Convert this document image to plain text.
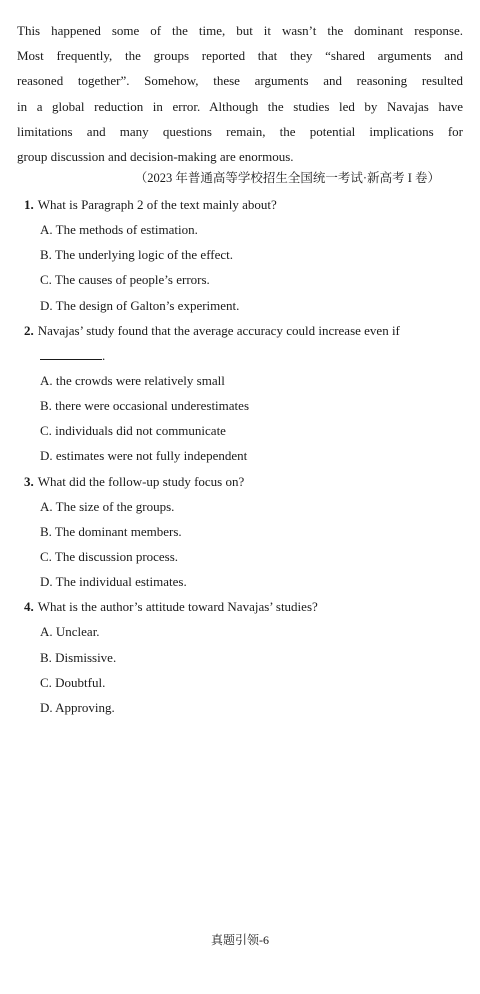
This happened some of the time, but it wasn’t the dominant response.
Most frequently, the groups reported that they “shared arguments and
reasoned together”. Somehow, these arguments and reasoning resulted
in a global reduction in error. Although the studies led by Navajas have
limitations and many questions remain, the potential implications for
group discussion and decision-making are enormous.
（2023 年普通高等学校招生全国统一考试·新高考 I 卷）
1. What is Paragraph 2 of the text mainly about?
A. The methods of estimation.
B. The underlying logic of the effect.
C. The causes of people’s errors.
D. The design of Galton’s experiment.
2. Navajas’ study found that the average accuracy could increase even if
.
A. the crowds were relatively small
B. there were occasional underestimates
C. individuals did not communicate
D. estimates were not fully independent
3. What did the follow-up study focus on?
A. The size of the groups.
B. The dominant members.
C. The discussion process.
D. The individual estimates.
4. What is the author’s attitude toward Navajas’ studies?
A. Unclear.
B. Dismissive.
C. Doubtful.
D. Approving.
真题引领-6
